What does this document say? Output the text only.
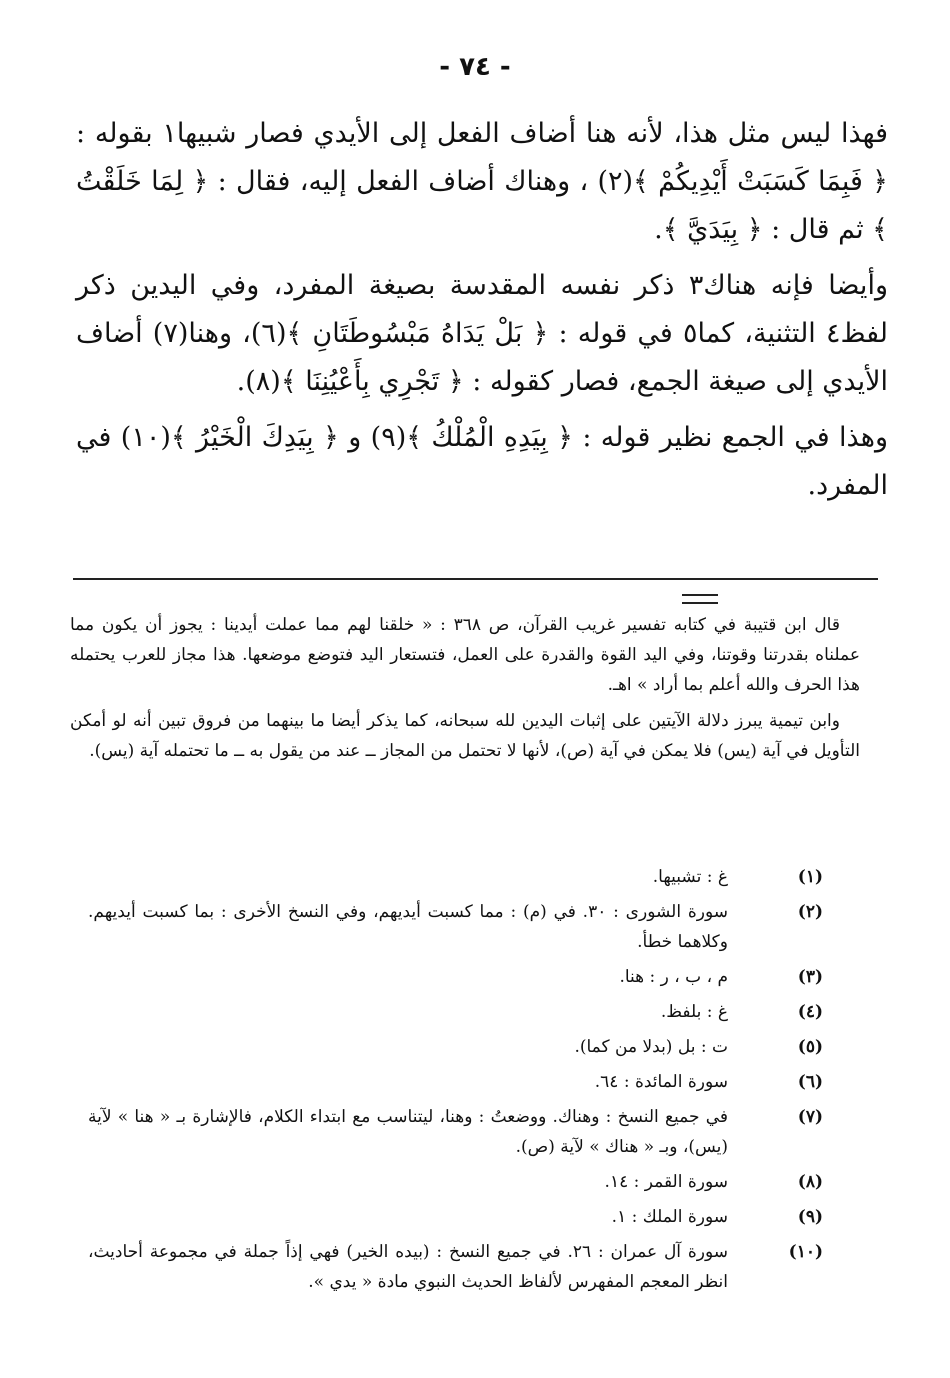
- ٧٤ -

فهذا ليس مثل هذا، لأنه هنا أضاف الفعل إلى الأيدي فصار شبيها١ بقوله : ﴿ فَبِمَا كَسَبَتْ أَيْدِيكُمْ ﴾(٢) ، وهناك أضاف الفعل إليه، فقال : ﴿ لِمَا خَلَقْتُ ﴾ ثم قال : ﴿ بِيَدَيَّ ﴾.

وأيضا فإنه هناك٣ ذكر نفسه المقدسة بصيغة المفرد، وفي اليدين ذكر لفظ٤ التثنية، كما٥ في قوله : ﴿ بَلْ يَدَاهُ مَبْسُوطَتَانِ ﴾(٦)، وهنا(٧) أضاف الأيدي إلى صيغة الجمع، فصار كقوله : ﴿ تَجْرِي بِأَعْيُنِنَا ﴾(٨).

وهذا في الجمع نظير قوله : ﴿ بِيَدِهِ الْمُلْكُ ﴾(٩) و ﴿ بِيَدِكَ الْخَيْرُ ﴾(١٠) في المفرد.

قال ابن قتيبة في كتابه تفسير غريب القرآن، ص ٣٦٨ : « خلقنا لهم مما عملت أيدينا : يجوز أن يكون مما عملناه بقدرتنا وقوتنا، وفي اليد القوة والقدرة على العمل، فتستعار اليد فتوضع موضعها. هذا مجاز للعرب يحتمله هذا الحرف والله أعلم بما أراد » اهـ.

وابن تيمية يبرز دلالة الآيتين على إثبات اليدين لله سبحانه، كما يذكر أيضا ما بينهما من فروق تبين أنه لو أمكن التأويل في آية (يس) فلا يمكن في آية (ص)، لأنها لا تحتمل من المجاز ــ عند من يقول به ــ ما تحتمله آية (يس).

(١)
غ : تشبيها.
(٢)
سورة الشورى : ٣٠. في (م) : مما كسبت أيديهم، وفي النسخ الأخرى : بما كسبت أيديهم. وكلاهما خطأ.
(٣)
م ، ب ، ر : هنا.
(٤)
غ : بلفظ.
(٥)
ت : بل (بدلا من كما).
(٦)
سورة المائدة : ٦٤.
(٧)
في جميع النسخ : وهناك. ووضعتُ : وهنا، ليتناسب مع ابتداء الكلام، فالإشارة بـ « هنا » لآية (يس)، وبـ « هناك » لآية (ص).
(٨)
سورة القمر : ١٤.
(٩)
سورة الملك : ١.
(١٠)
سورة آل عمران : ٢٦. في جميع النسخ : (بيده الخير) فهي إذاً جملة في مجموعة أحاديث، انظر المعجم المفهرس لألفاظ الحديث النبوي مادة « يدي ».
